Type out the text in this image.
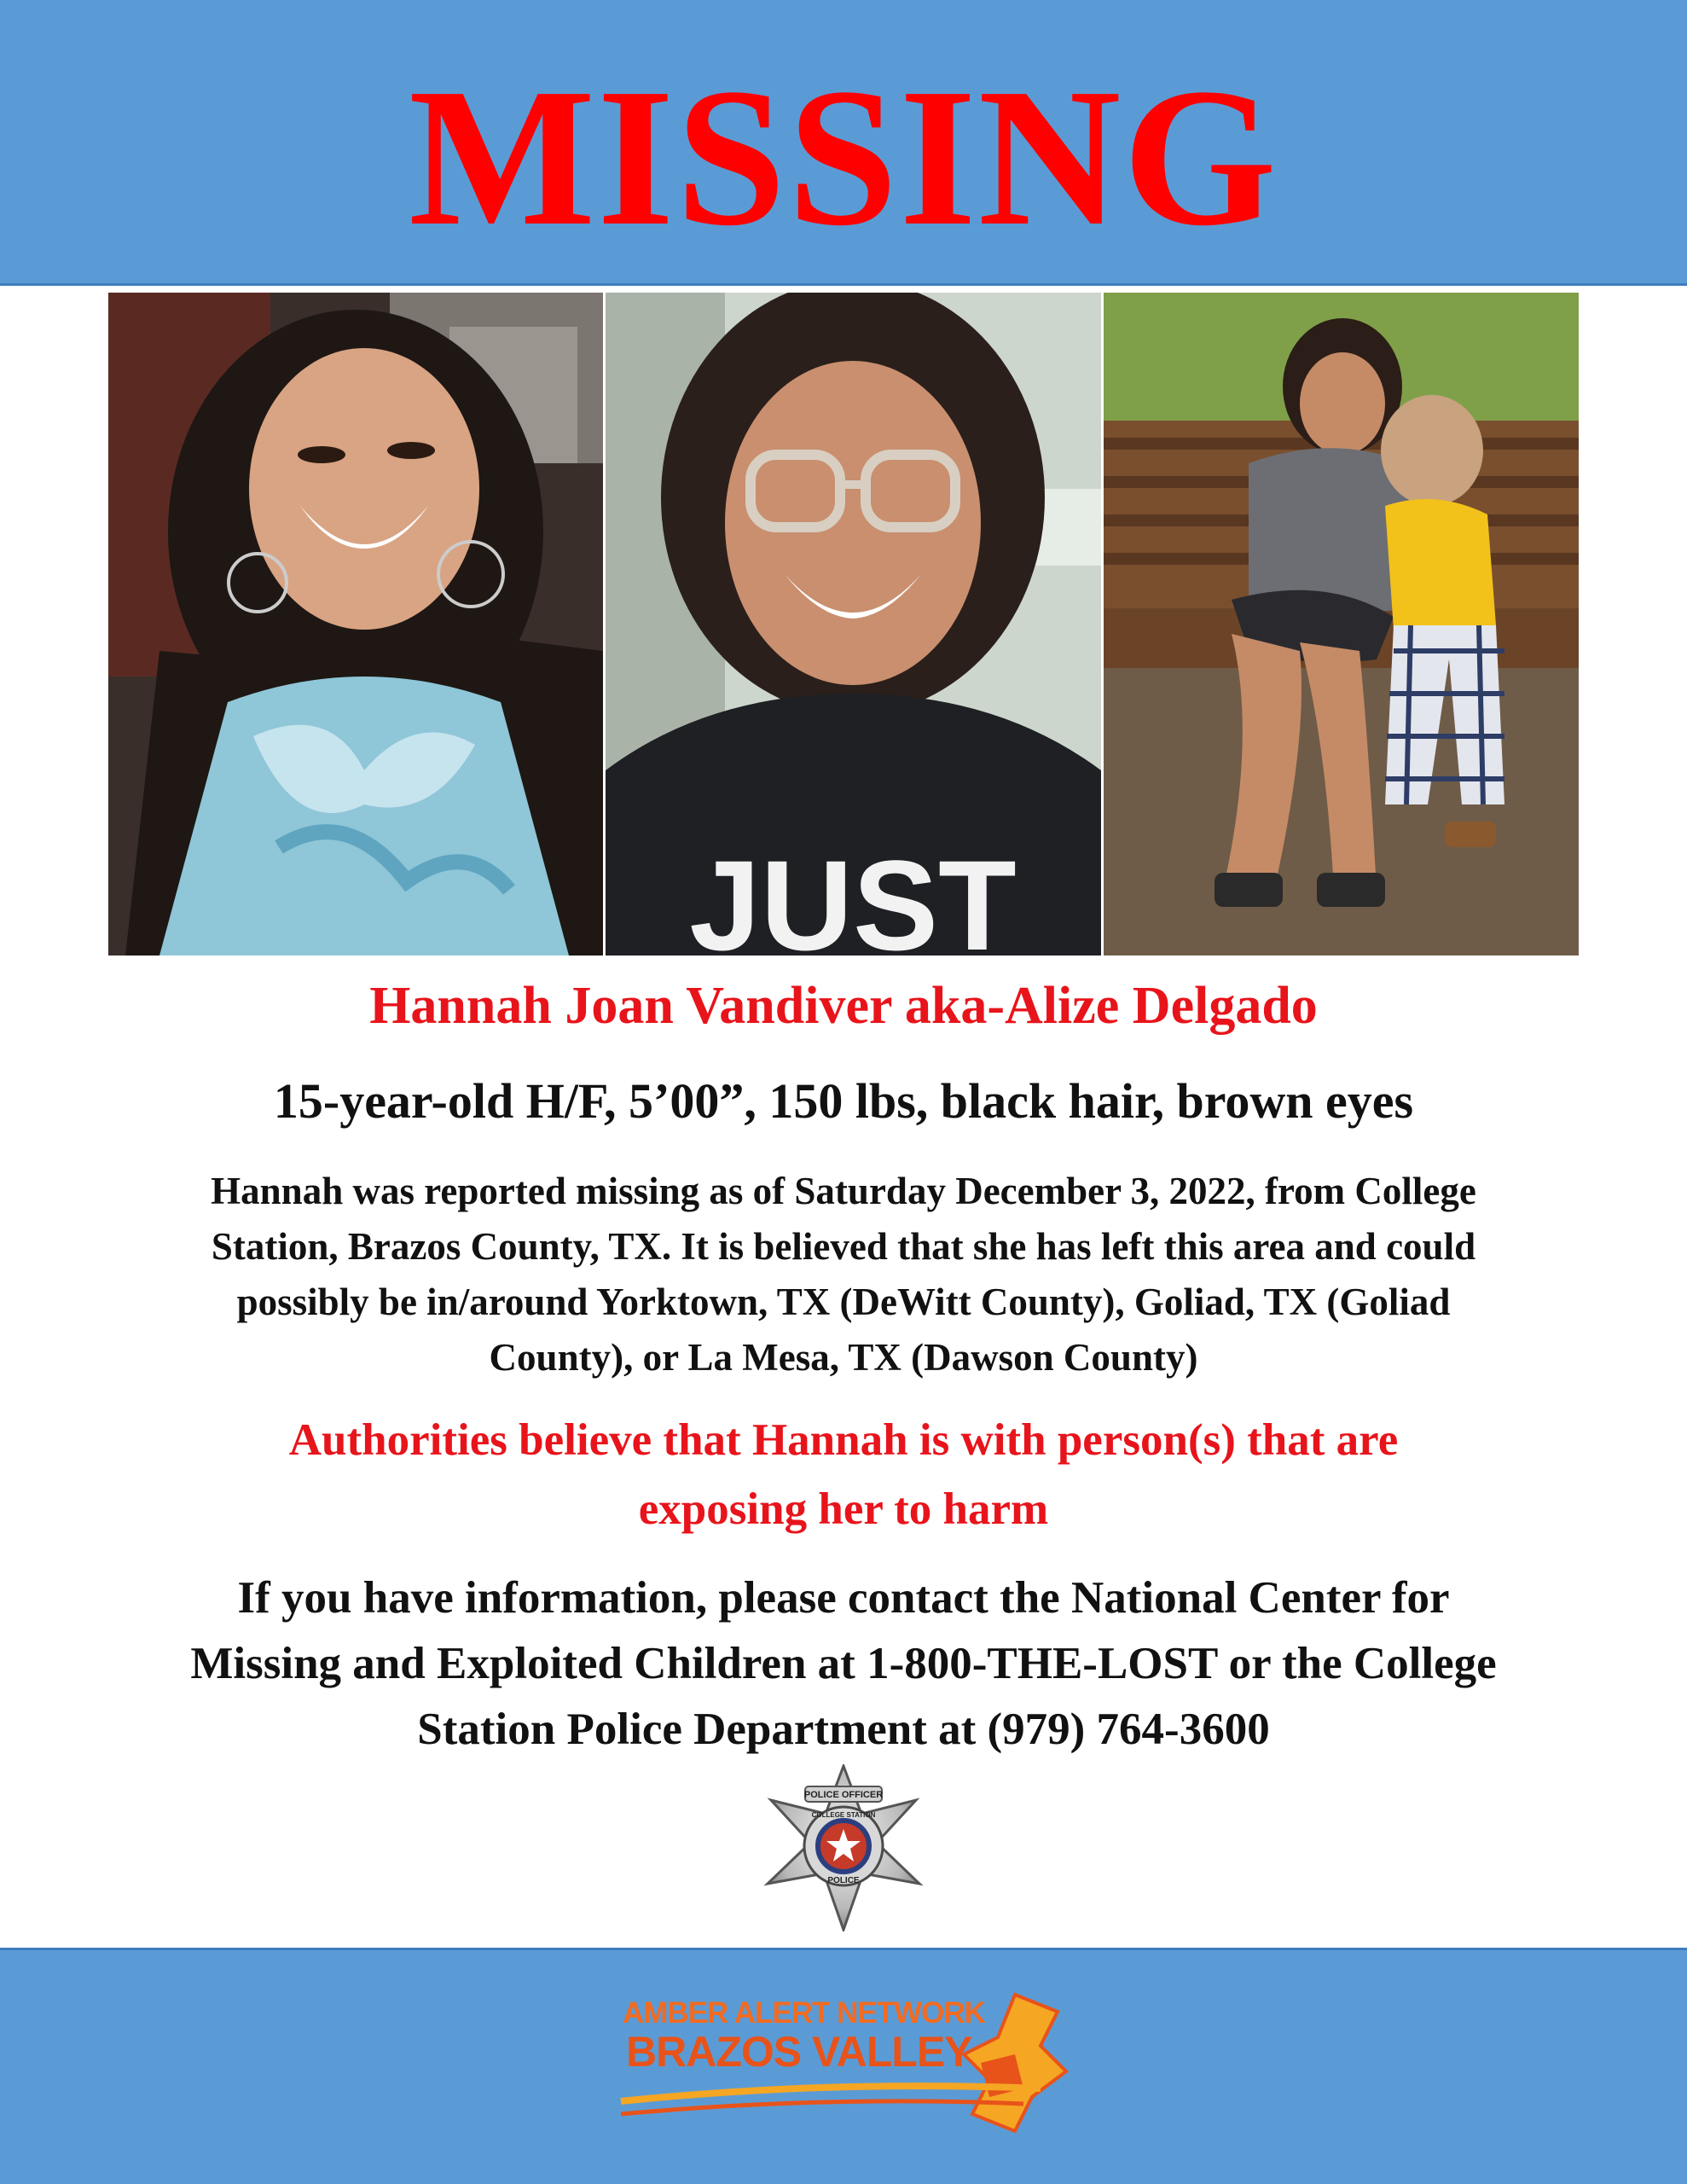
MISSING
JUST
Hannah Joan Vandiver aka-Alize Delgado
15-year-old H/F, 5’00”, 150 lbs, black hair, brown eyes
Hannah was reported missing as of Saturday December 3, 2022, from College
Station, Brazos County, TX. It is believed that she has left this area and could
possibly be in/around Yorktown, TX (DeWitt County), Goliad, TX (Goliad
County), or La Mesa, TX (Dawson County)
Authorities believe that Hannah is with person(s) that are
exposing her to harm
If you have information, please contact the National Center for
Missing and Exploited Children at 1-800-THE-LOST or the College
Station Police Department at (979) 764-3600
POLICE OFFICER
COLLEGE STATION
POLICE
AMBER ALERT NETWORK
BRAZOS VALLEY
